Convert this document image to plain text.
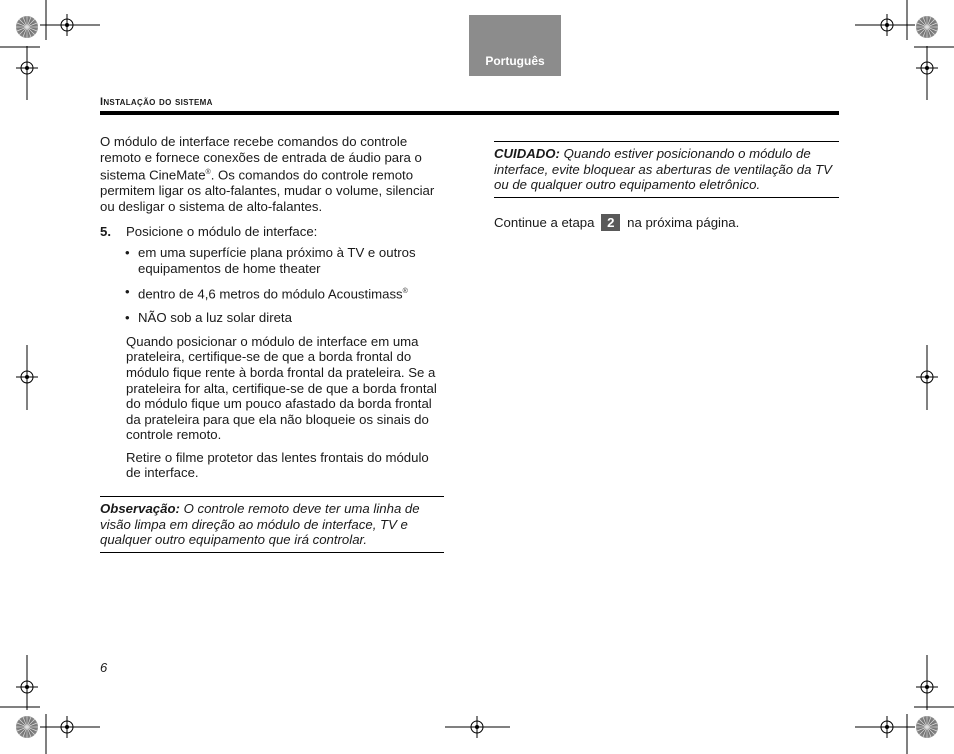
Português
Instalação do sistema

O módulo de interface recebe comandos do controle remoto e fornece conexões de entrada de áudio para o sistema CineMate®. Os comandos do controle remoto permitem ligar os alto-falantes, mudar o volume, silenciar ou desligar o sistema de alto-falantes.

5.	Posicione o módulo de interface:
• em uma superfície plana próximo à TV e outros equipamentos de home theater
• dentro de 4,6 metros do módulo Acoustimass®
• NÃO sob a luz solar direta

Quando posicionar o módulo de interface em uma prateleira, certifique-se de que a borda frontal do módulo fique rente à borda frontal da prateleira. Se a prateleira for alta, certifique-se de que a borda frontal do módulo fique um pouco afastado da borda frontal da prateleira para que ela não bloqueie os sinais do controle remoto.

Retire o filme protetor das lentes frontais do módulo de interface.

Observação: O controle remoto deve ter uma linha de visão limpa em direção ao módulo de interface, TV e qualquer outro equipamento que irá controlar.
CUIDADO: Quando estiver posicionando o módulo de interface, evite bloquear as aberturas de ventilação da TV ou de qualquer outro equipamento eletrônico.

Continue a etapa 2 na próxima página.

6
